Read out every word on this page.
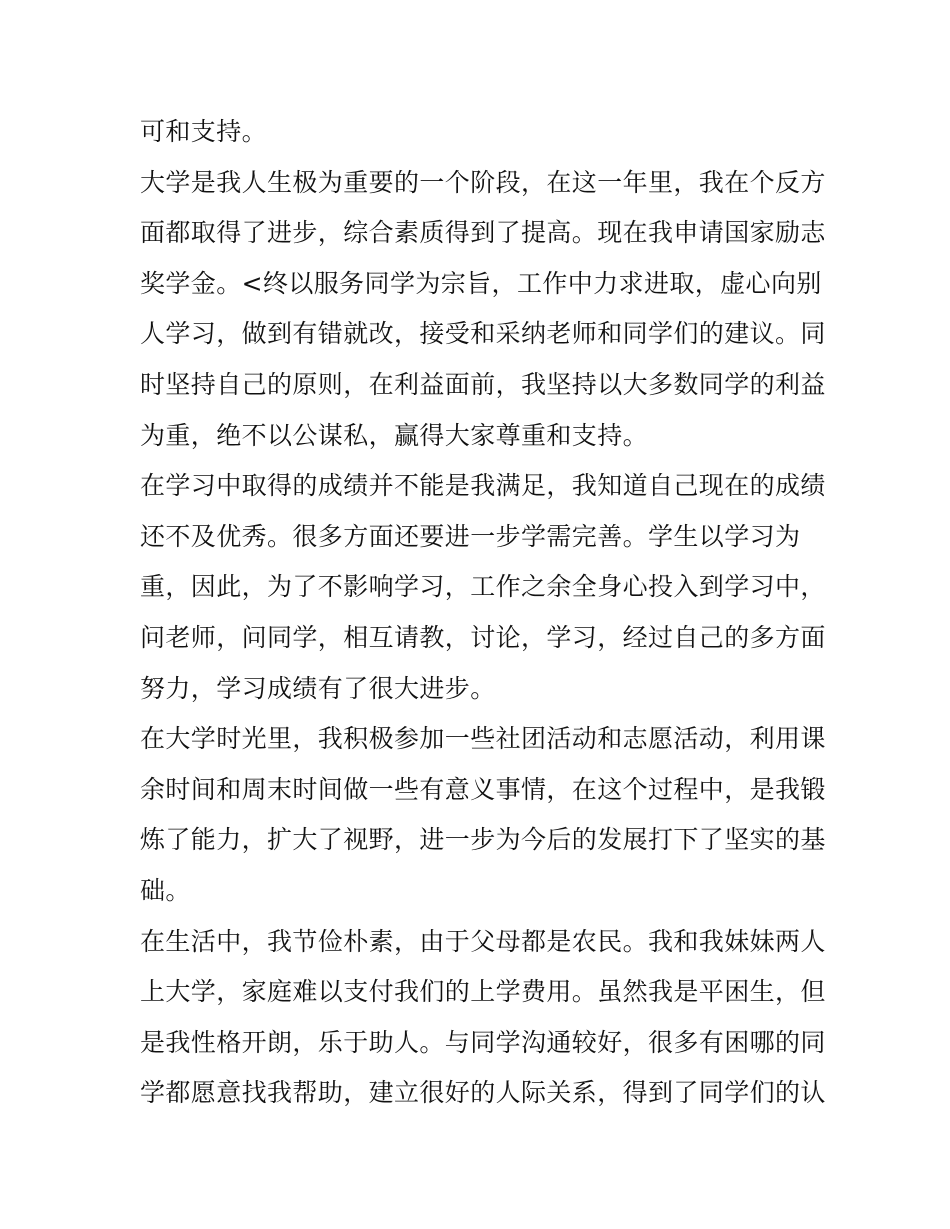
可和支持。
大学是我人生极为重要的一个阶段，在这一年里，我在个反方
面都取得了进步，综合素质得到了提高。现在我申请国家励志
奖学金。<终以服务同学为宗旨，工作中力求进取，虚心向别
人学习，做到有错就改，接受和采纳老师和同学们的建议。同
时坚持自己的原则，在利益面前，我坚持以大多数同学的利益
为重，绝不以公谋私，赢得大家尊重和支持。
在学习中取得的成绩并不能是我满足，我知道自己现在的成绩
还不及优秀。很多方面还要进一步学需完善。学生以学习为
重，因此，为了不影响学习，工作之余全身心投入到学习中，
问老师，问同学，相互请教，讨论，学习，经过自己的多方面
努力，学习成绩有了很大进步。
在大学时光里，我积极参加一些社团活动和志愿活动，利用课
余时间和周末时间做一些有意义事情，在这个过程中，是我锻
炼了能力，扩大了视野，进一步为今后的发展打下了坚实的基
础。
在生活中，我节俭朴素，由于父母都是农民。我和我妹妹两人
上大学，家庭难以支付我们的上学费用。虽然我是平困生，但
是我性格开朗，乐于助人。与同学沟通较好，很多有困哪的同
学都愿意找我帮助，建立很好的人际关系，得到了同学们的认
